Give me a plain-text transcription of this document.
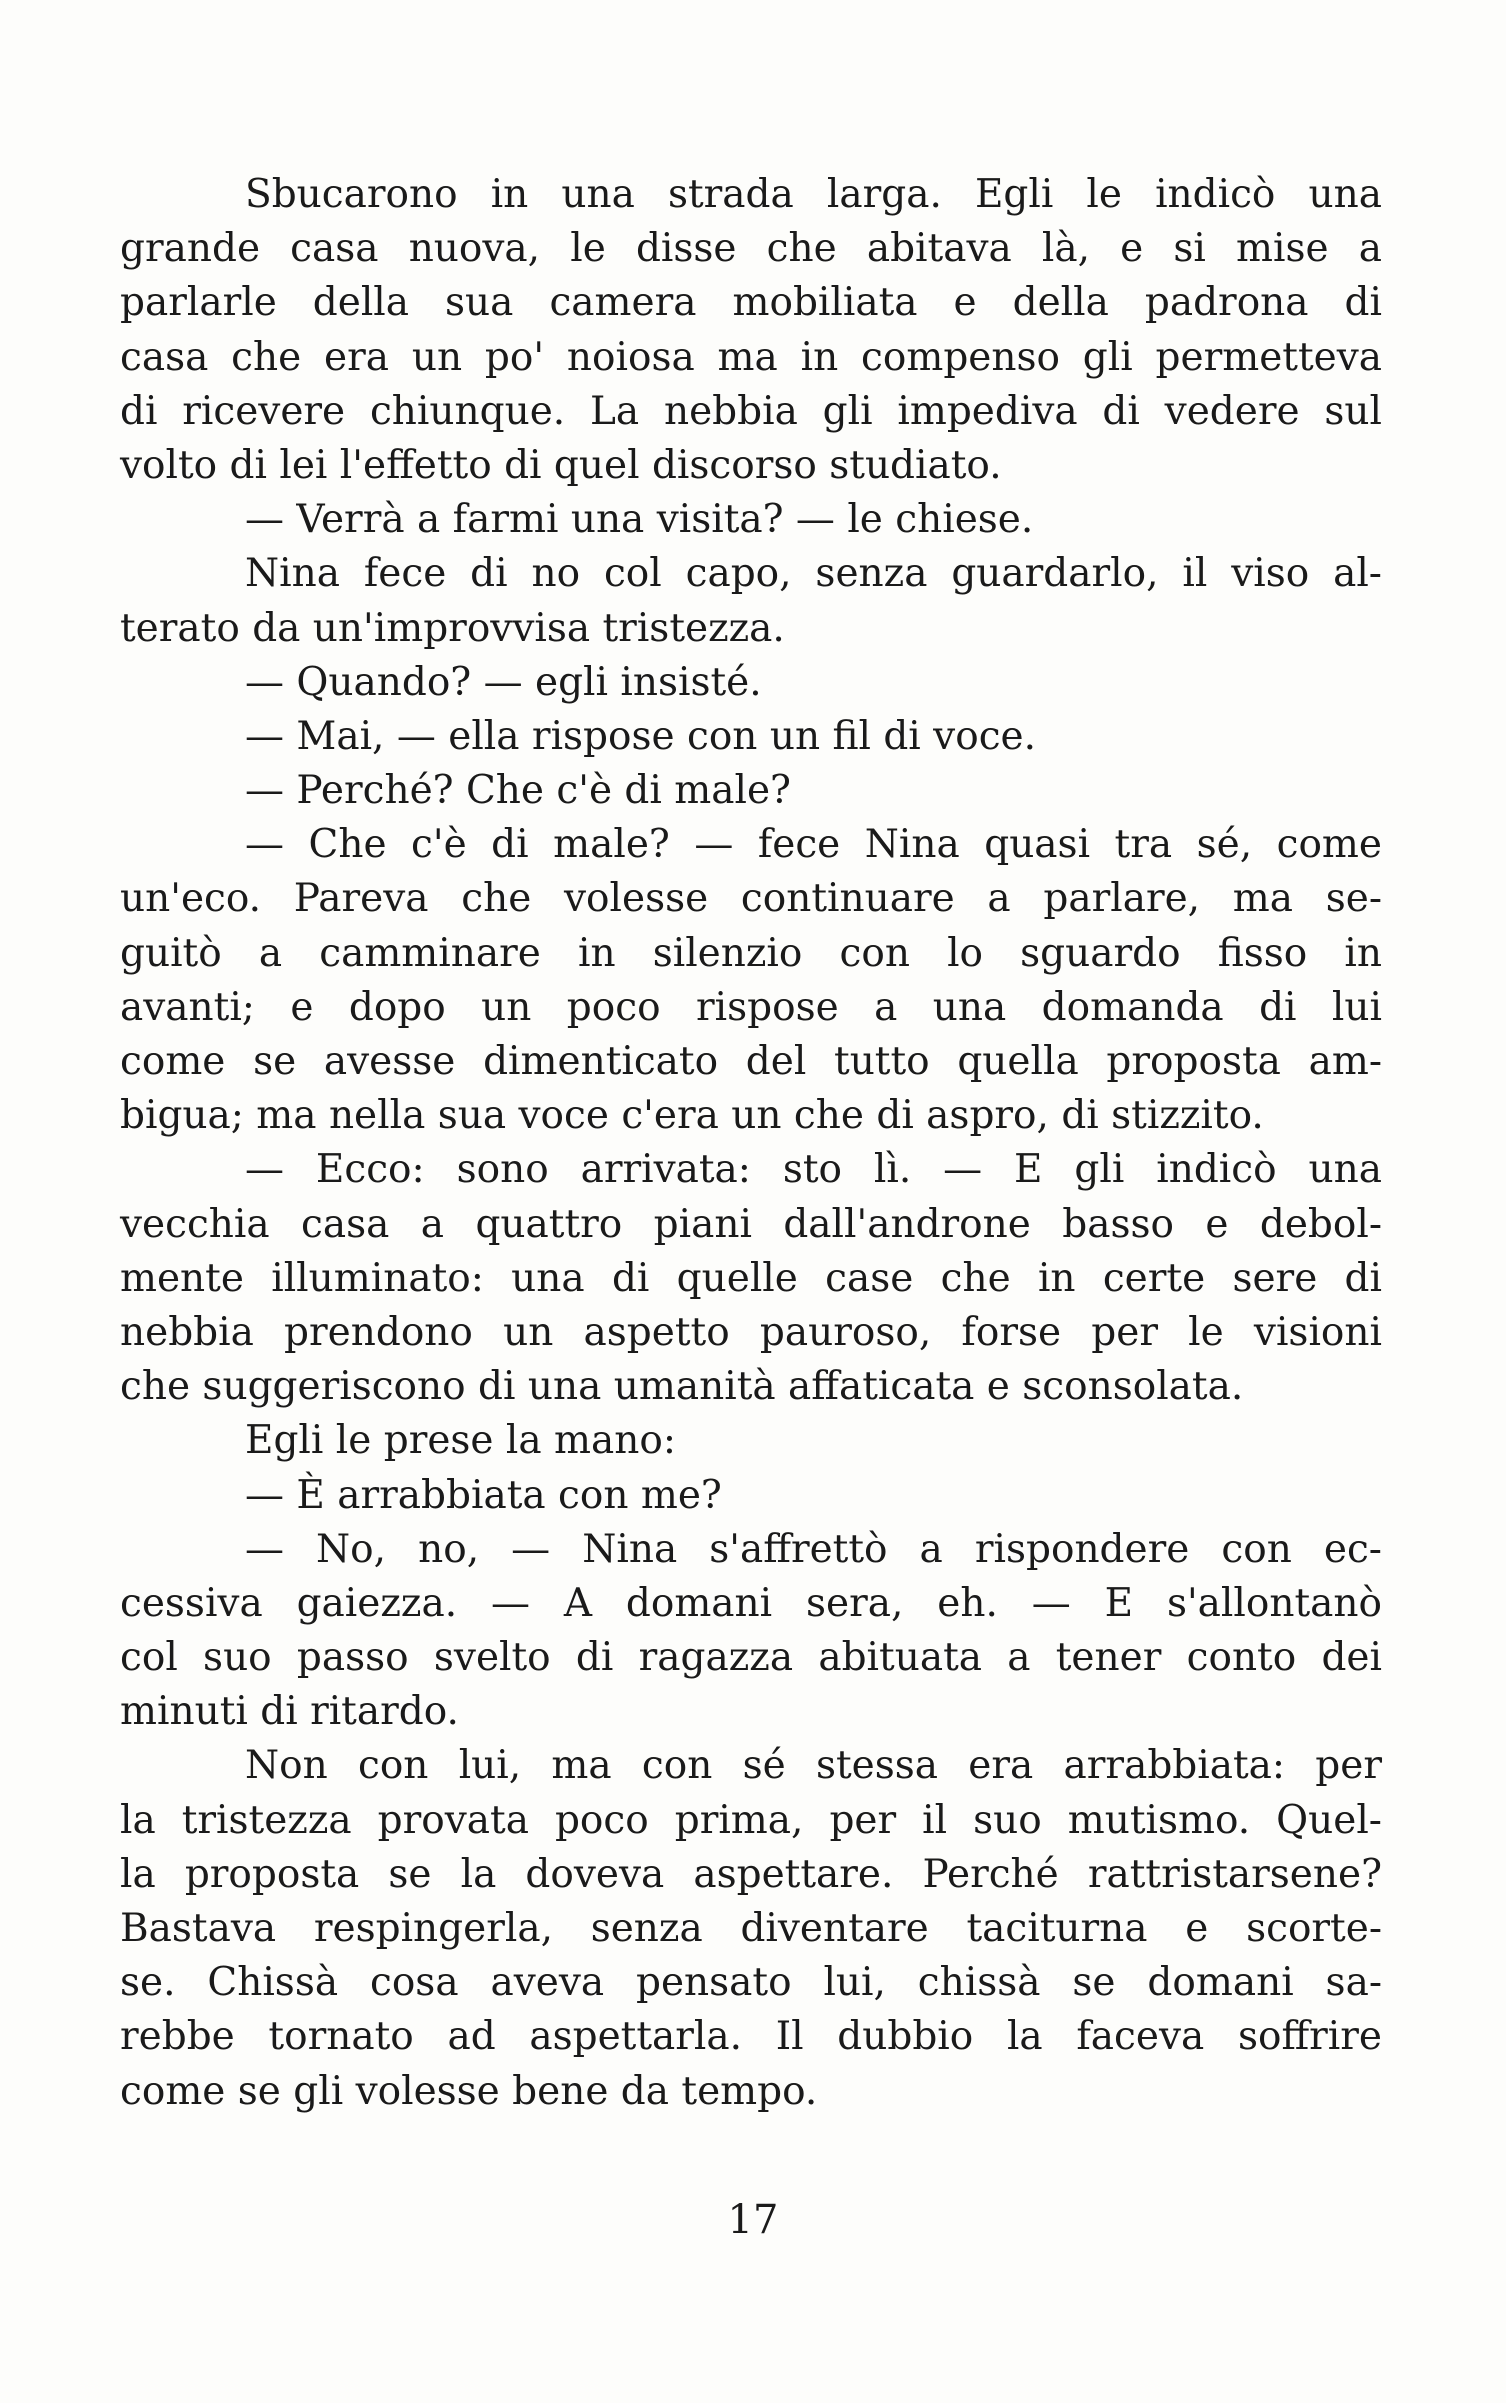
Sbucarono in una strada larga. Egli le indicò una
grande casa nuova, le disse che abitava là, e si mise a
parlarle della sua camera mobiliata e della padrona di
casa che era un po' noiosa ma in compenso gli permetteva
di ricevere chiunque. La nebbia gli impediva di vedere sul
volto di lei l'effetto di quel discorso studiato.
— Verrà a farmi una visita? — le chiese.
Nina fece di no col capo, senza guardarlo, il viso al-
terato da un'improvvisa tristezza.
— Quando? — egli insisté.
— Mai, — ella rispose con un fil di voce.
— Perché? Che c'è di male?
— Che c'è di male? — fece Nina quasi tra sé, come
un'eco. Pareva che volesse continuare a parlare, ma se-
guitò a camminare in silenzio con lo sguardo fisso in
avanti; e dopo un poco rispose a una domanda di lui
come se avesse dimenticato del tutto quella proposta am-
bigua; ma nella sua voce c'era un che di aspro, di stizzito.
— Ecco: sono arrivata: sto lì. — E gli indicò una
vecchia casa a quattro piani dall'androne basso e debol-
mente illuminato: una di quelle case che in certe sere di
nebbia prendono un aspetto pauroso, forse per le visioni
che suggeriscono di una umanità affaticata e sconsolata.
Egli le prese la mano:
— È arrabbiata con me?
— No, no, — Nina s'affrettò a rispondere con ec-
cessiva gaiezza. — A domani sera, eh. — E s'allontanò
col suo passo svelto di ragazza abituata a tener conto dei
minuti di ritardo.
Non con lui, ma con sé stessa era arrabbiata: per
la tristezza provata poco prima, per il suo mutismo. Quel-
la proposta se la doveva aspettare. Perché rattristarsene?
Bastava respingerla, senza diventare taciturna e scorte-
se. Chissà cosa aveva pensato lui, chissà se domani sa-
rebbe tornato ad aspettarla. Il dubbio la faceva soffrire
come se gli volesse bene da tempo.
17
